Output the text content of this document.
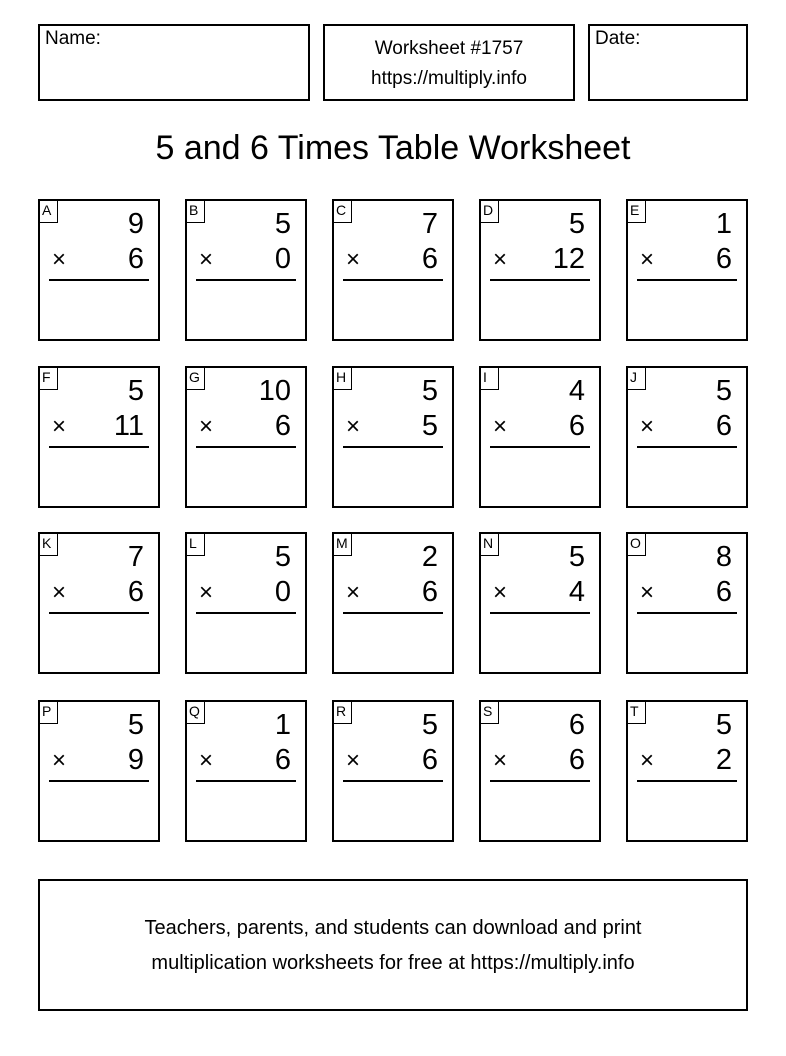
Name:	Worksheet #1757
https://multiply.info
Date:
5 and 6 Times Table Worksheet
A	9
× 6
B	5
× 0
C	7
× 6
D	5
× 12
E	1
× 6
F	5
× 11
G 10
× 6
H	5
× 5
I	4
× 6
J	5
× 6
K	7
× 6
L	5
× 0
M	2
× 6
N	5
× 4
O	8
× 6
P	5
× 9
Q	1
× 6
R	5
× 6
S	6
× 6
T	5
× 2
Teachers, parents, and students can download and print
multiplication worksheets for free at https://multiply.info
